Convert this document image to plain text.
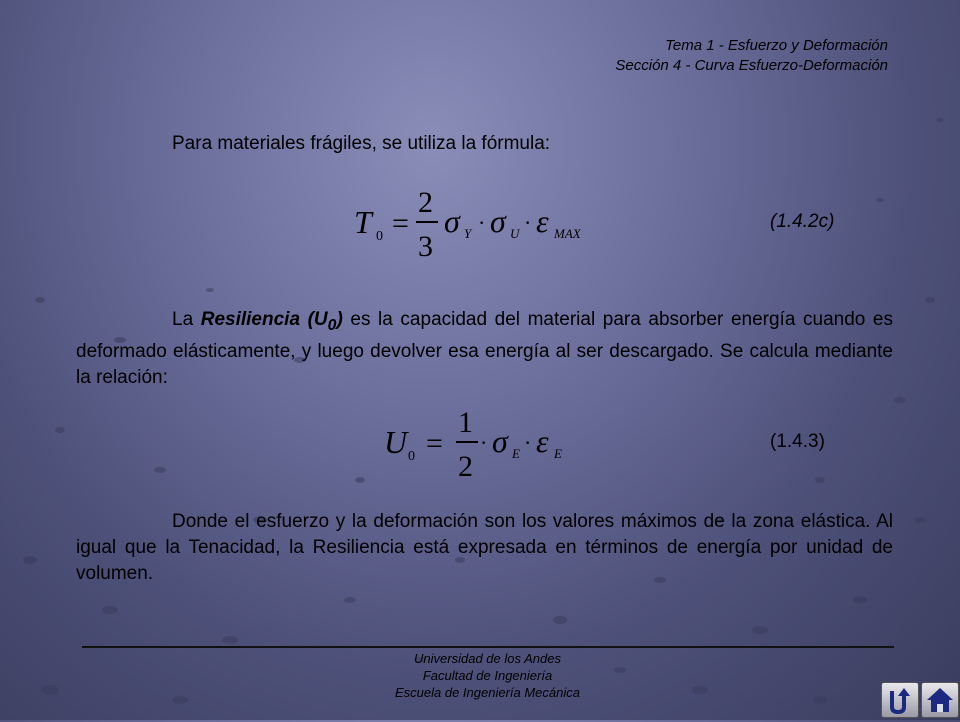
Tema 1 - Esfuerzo y Deformación
Sección 4 - Curva Esfuerzo-Deformación
Para materiales frágiles, se utiliza la fórmula:
T 0 =
2
3
σ Y · σ U · ε MAX
(1.4.2c)

La Resiliencia $(U_0)$ es la capacidad del material para absorber energía cuando es deformado elásticamente, y luego devolver esa energía al ser descargado. Se calcula mediante la relación:

U 0 =
1
2
· σ E · ε E
(1.4.3)

Donde el esfuerzo y la deformación son los valores máximos de la zona elástica. Al igual que la Tenacidad, la Resiliencia está expresada en términos de energía por unidad de volumen.

Universidad de los Andes
Facultad de Ingeniería
Escuela de Ingeniería Mecánica
